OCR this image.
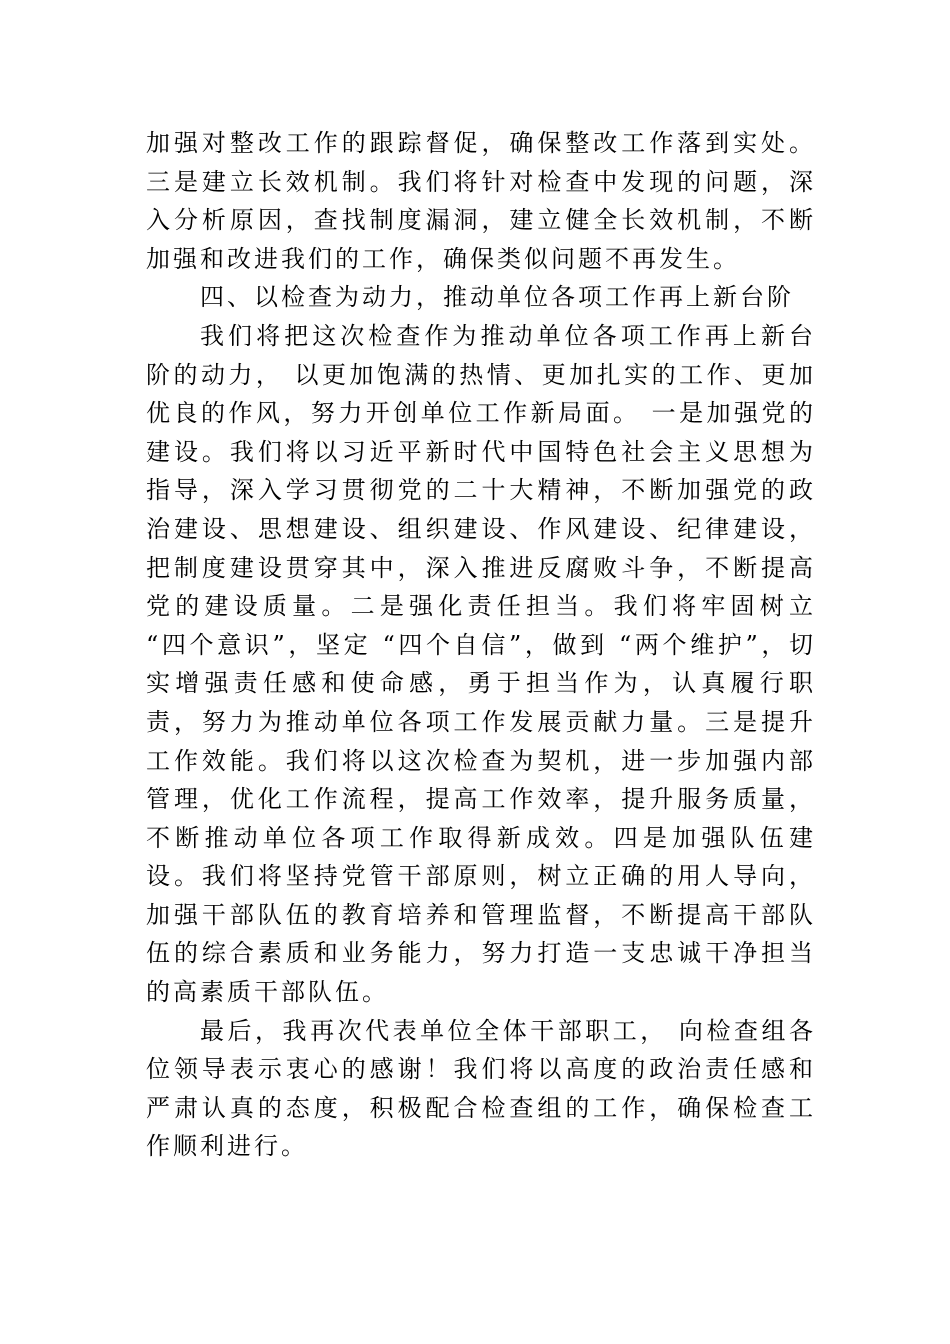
加强对整改工作的跟踪督促，确保整改工作落到实处。三是建立长效机制。我们将针对检查中发现的问题，深入分析原因，查找制度漏洞，建立健全长效机制，不断加强和改进我们的工作，确保类似问题不再发生。

四、以检查为动力，推动单位各项工作再上新台阶

我们将把这次检查作为推动单位各项工作再上新台阶的动力， 以更加饱满的热情、更加扎实的工作、更加优良的作风，努力开创单位工作新局面。 一是加强党的建设。我们将以习近平新时代中国特色社会主义思想为指导，深入学习贯彻党的二十大精神，不断加强党的政治建设、思想建设、组织建设、作风建设、纪律建设，把制度建设贯穿其中，深入推进反腐败斗争，不断提高党的建设质量。二是强化责任担当。我们将牢固树立 “四个意识”，坚定 “四个自信”，做到 “两个维护”，切实增强责任感和使命感，勇于担当作为，认真履行职责，努力为推动单位各项工作发展贡献力量。三是提升工作效能。我们将以这次检查为契机，进一步加强内部管理，优化工作流程，提高工作效率，提升服务质量，不断推动单位各项工作取得新成效。四是加强队伍建设。我们将坚持党管干部原则，树立正确的用人导向，加强干部队伍的教育培养和管理监督，不断提高干部队伍的综合素质和业务能力，努力打造一支忠诚干净担当的高素质干部队伍。

最后，我再次代表单位全体干部职工， 向检查组各位领导表示衷心的感谢！我们将以高度的政治责任感和严肃认真的态度，积极配合检查组的工作，确保检查工作顺利进行。
